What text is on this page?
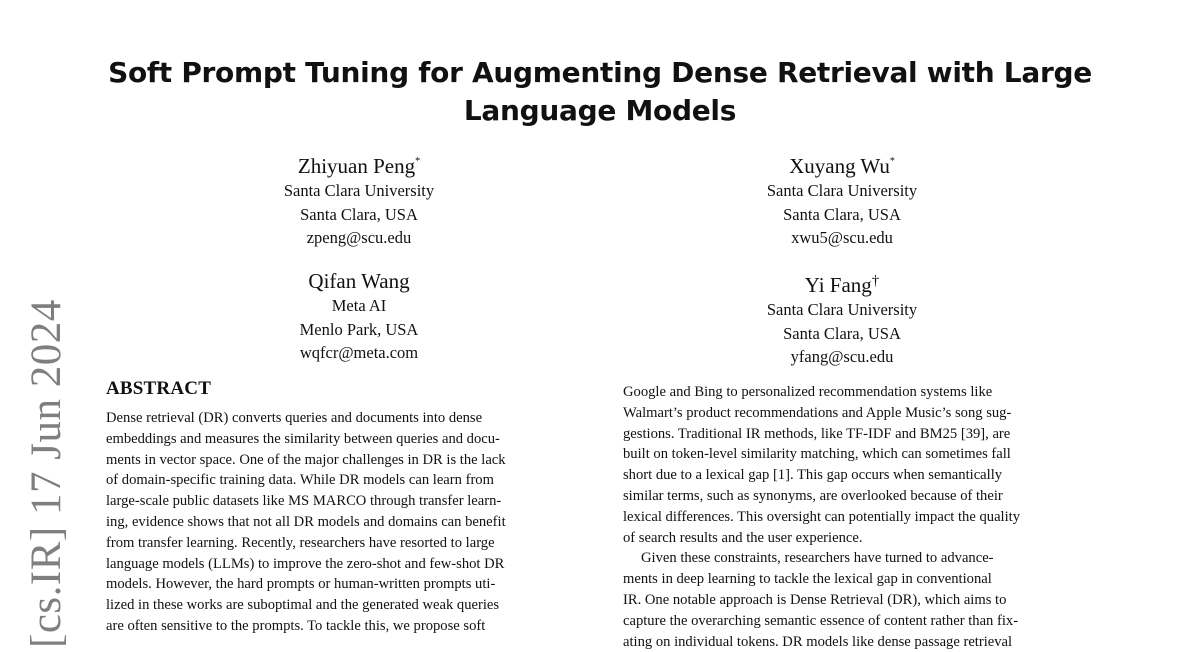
[cs.IR] 17 Jun 2024
Soft Prompt Tuning for Augmenting Dense Retrieval with Large
Language Models
Zhiyuan Peng*
Santa Clara University
Santa Clara, USA
zpeng@scu.edu
Xuyang Wu*
Santa Clara University
Santa Clara, USA
xwu5@scu.edu
Qifan Wang
Meta AI
Menlo Park, USA
wqfcr@meta.com
Yi Fang†
Santa Clara University
Santa Clara, USA
yfang@scu.edu
ABSTRACT
Dense retrieval (DR) converts queries and documents into dense
embeddings and measures the similarity between queries and docu-
ments in vector space. One of the major challenges in DR is the lack
of domain-specific training data. While DR models can learn from
large-scale public datasets like MS MARCO through transfer learn-
ing, evidence shows that not all DR models and domains can benefit
from transfer learning. Recently, researchers have resorted to large
language models (LLMs) to improve the zero-shot and few-shot DR
models. However, the hard prompts or human-written prompts uti-
lized in these works are suboptimal and the generated weak queries
are often sensitive to the prompts. To tackle this, we propose soft

Google and Bing to personalized recommendation systems like
Walmart’s product recommendations and Apple Music’s song sug-
gestions. Traditional IR methods, like TF-IDF and BM25 [39], are
built on token-level similarity matching, which can sometimes fall
short due to a lexical gap [1]. This gap occurs when semantically
similar terms, such as synonyms, are overlooked because of their
lexical differences. This oversight can potentially impact the quality
of search results and the user experience.

Given these constraints, researchers have turned to advance-
ments in deep learning to tackle the lexical gap in conventional
IR. One notable approach is Dense Retrieval (DR), which aims to
capture the overarching semantic essence of content rather than fix-
ating on individual tokens. DR models like dense passage retrieval
